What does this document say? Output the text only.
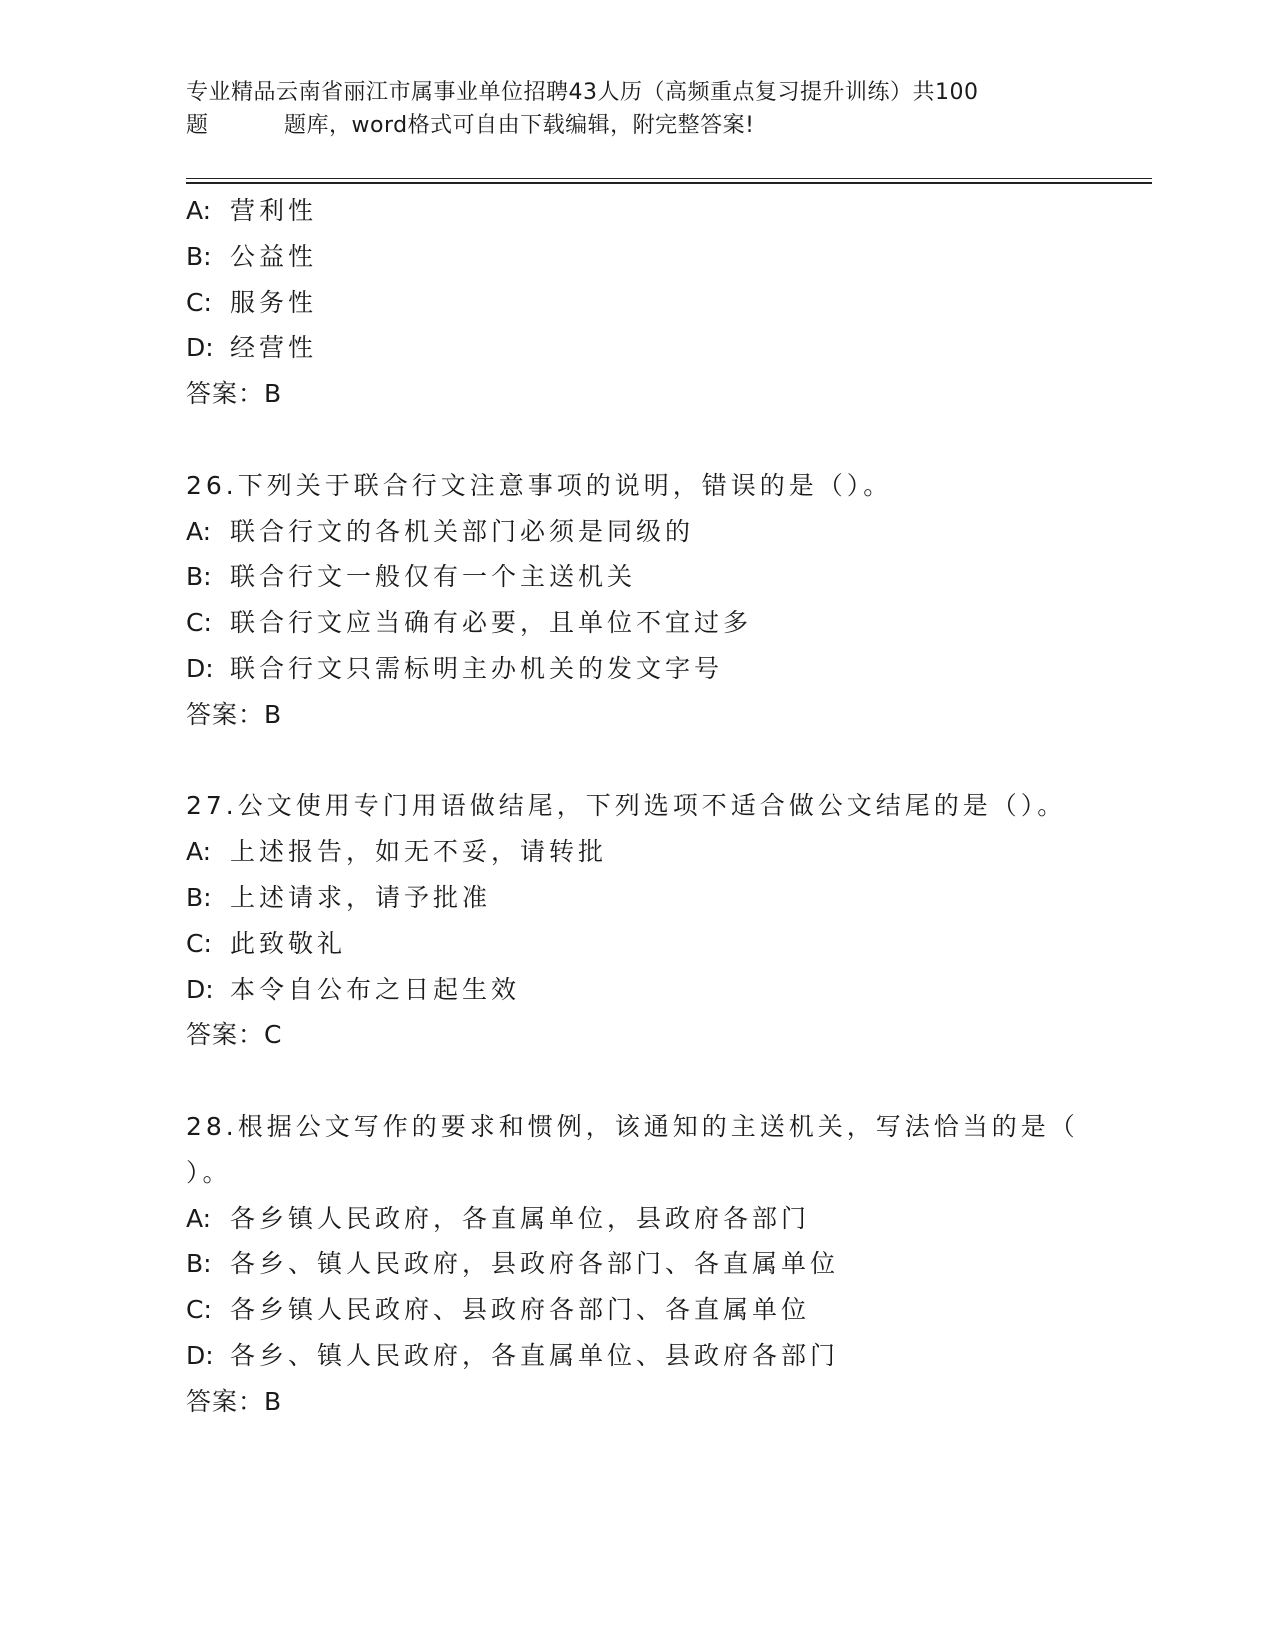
专业精品云南省丽江市属事业单位招聘43人历（高频重点复习提升训练）共100
题	题库，word格式可自由下载编辑，附完整答案!
A: 营利性
B: 公益性
C: 服务性
D: 经营性
答案：B
26.下列关于联合行文注意事项的说明，错误的是（）。
A: 联合行文的各机关部门必须是同级的
B: 联合行文一般仅有一个主送机关
C: 联合行文应当确有必要，且单位不宜过多
D: 联合行文只需标明主办机关的发文字号
答案：B
27.公文使用专门用语做结尾，下列选项不适合做公文结尾的是（）。
A: 上述报告，如无不妥，请转批
B: 上述请求，请予批准
C: 此致敬礼
D: 本令自公布之日起生效
答案：C
28.根据公文写作的要求和惯例，该通知的主送机关，写法恰当的是（
）。
A: 各乡镇人民政府，各直属单位，县政府各部门
B: 各乡、镇人民政府，县政府各部门、各直属单位
C: 各乡镇人民政府、县政府各部门、各直属单位
D: 各乡、镇人民政府，各直属单位、县政府各部门
答案：B
